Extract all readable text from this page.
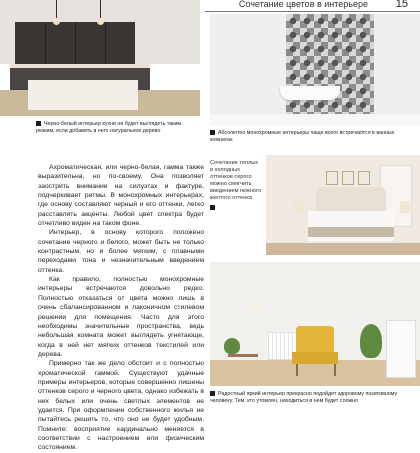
Сочетание цветов в интерьере	15
Черно-белый интерьер кухни не будет выглядеть таким резким, если добавить в него натуральное дерево	Абсолютно монохромные интерьеры чаще всего встречаются в ванных комнатах
Сочетание теплых и холодных оттенков серого можно смягчить введением нежного желтого оттенка
Радостный яркий интерьер прекрасно подойдет здоровому позитивному человеку. Тем, кто утомлен, находиться в нем будет сложно

Ахроматическая, или черно-белая, гамма также выразительна, но по-своему. Она позволяет заострить внимание на силуэтах и фактуре, подчеркивает ритмы. В монохромных интерьерах, где основу составляют черный и его оттенки, легко расставлять акценты. Любой цвет спектра будет отчетливо виден на таком фоне.

Интерьер, в основу которого положено сочетание черного и белого, может быть не только контрастным, но и более мягким, с плавными переходами тона и незначительным введением оттенка.

Как правило, полностью монохромные интерьеры встречаются довольно редко. Полностью отказаться от цвета можно лишь в очень сбалансированном и лаконичном стилевом решении для помещения. Часто для этого необходимы значительные пространства, ведь небольшая комната может выглядеть угнетающе, когда в ней нет мягких оттенков текстилей или дерева.

Примерно так же дело обстоит и с полностью хроматической гаммой. Существуют удачные примеры интерьеров, которые совершенно лишены оттенков серого и черного цвета, однако избежать в них белых или очень светлых элементов не удается. При оформлении собственного жилья не пытайтесь решить то, что оно не будет удобным. Помните: восприятие кардинально меняется в соответствии с настроением или физическим состоянием.
